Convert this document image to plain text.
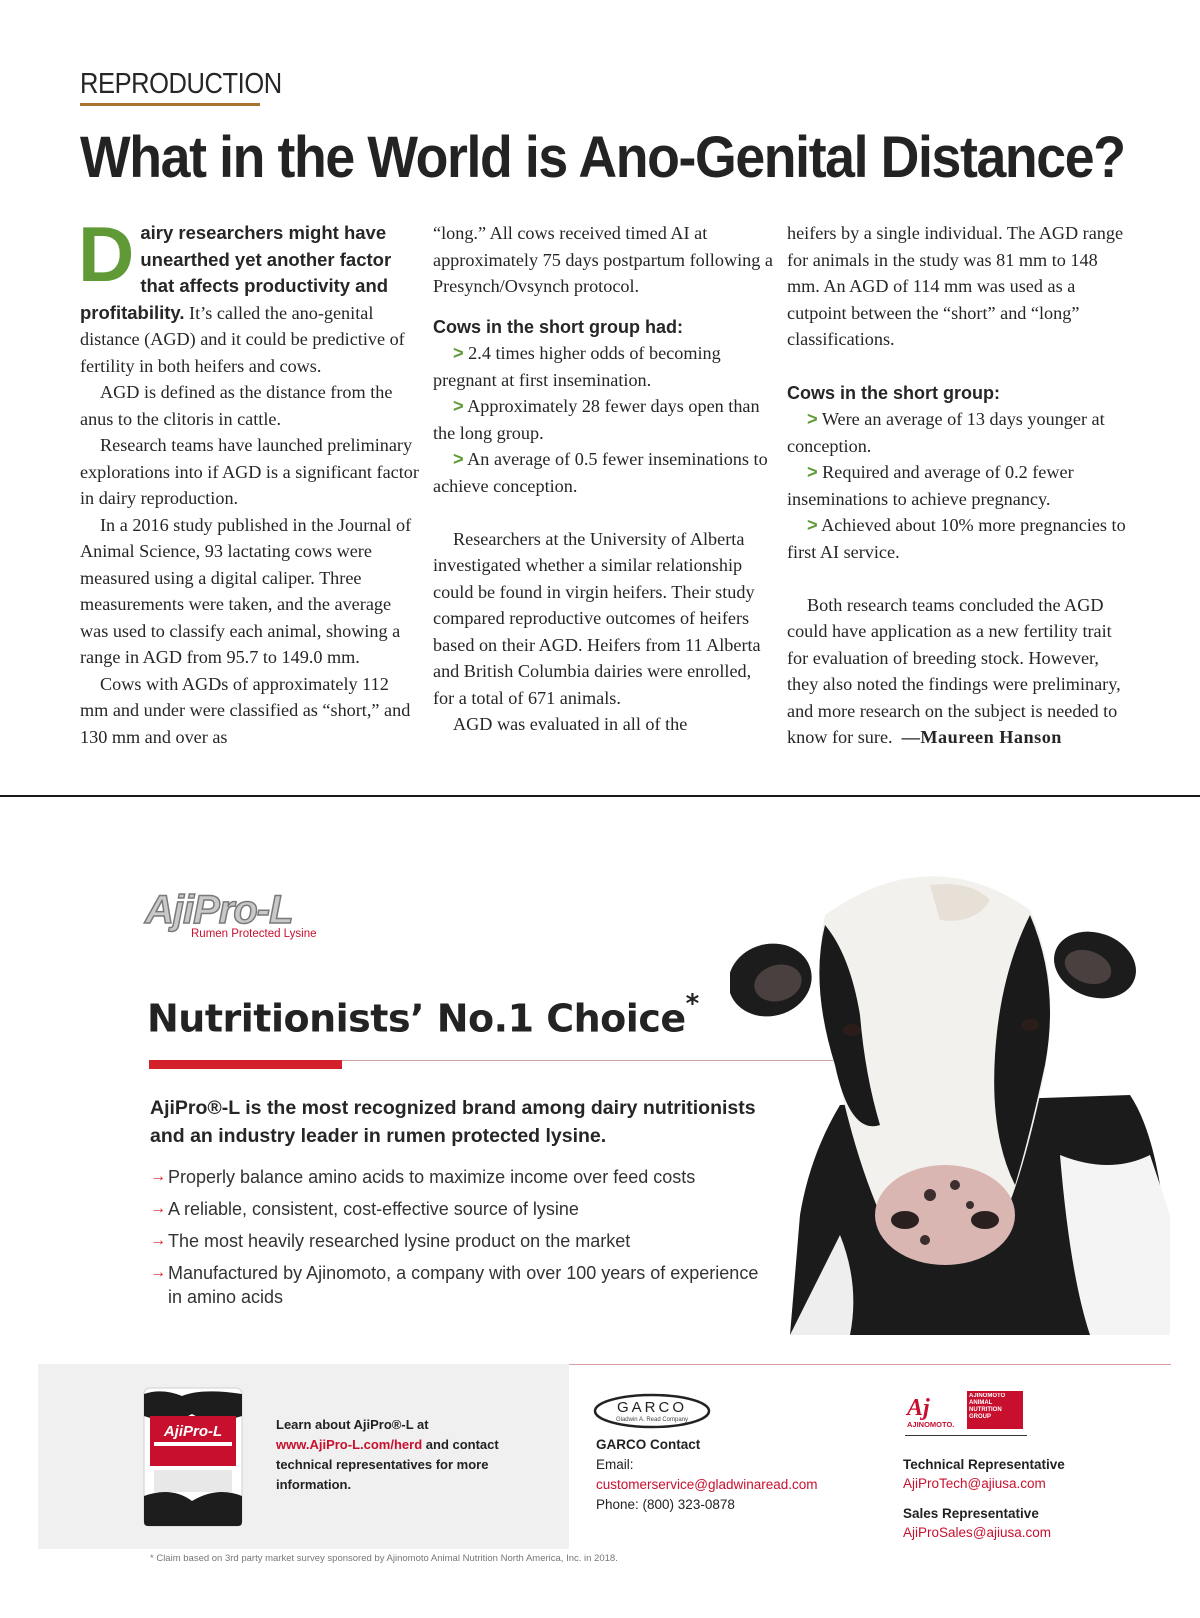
REPRODUCTION
What in the World is Ano-Genital Distance?

Dairy researchers might have unearthed yet another factor that affects productivity and profitability. It’s called the ano-genital distance (AGD) and it could be predictive of fertility in both heifers and cows.

AGD is defined as the distance from the anus to the clitoris in cattle.

Research teams have launched preliminary explorations into if AGD is a significant factor in dairy reproduction.

In a 2016 study published in the Journal of Animal Science, 93 lactating cows were measured using a digital caliper. Three measurements were taken, and the average was used to classify each animal, showing a range in AGD from 95.7 to 149.0 mm.

Cows with AGDs of approximately 112 mm and under were classified as “short,” and 130 mm and over as

“long.” All cows received timed AI at approximately 75 days postpartum following a Presynch/Ovsynch protocol.

Cows in the short group had:

> 2.4 times higher odds of becoming pregnant at first insemination.

> Approximately 28 fewer days open than the long group.

> An average of 0.5 fewer inseminations to achieve conception.

Researchers at the University of Alberta investigated whether a similar relationship could be found in virgin heifers. Their study compared reproductive outcomes of heifers based on their AGD. Heifers from 11 Alberta and British Columbia dairies were enrolled, for a total of 671 animals.

AGD was evaluated in all of the

heifers by a single individual. The AGD range for animals in the study was 81 mm to 148 mm. An AGD of 114 mm was used as a cutpoint between the “short” and “long” classifications.

Cows in the short group:

> Were an average of 13 days younger at conception.

> Required and average of 0.2 fewer inseminations to achieve pregnancy.

> Achieved about 10% more pregnancies to first AI service.

Both research teams concluded the AGD could have application as a new fertility trait for evaluation of breeding stock. However, they also noted the findings were preliminary, and more research on the subject is needed to know for sure. —Maureen Hanson

AjiPro-L
Rumen Protected Lysine
Nutritionists’ No.1 Choice*
AjiPro®-L is the most recognized brand among dairy nutritionists and an industry leader in rumen protected lysine.
→ Properly balance amino acids to maximize income over feed costs
→ A reliable, consistent, cost-effective source of lysine
→ The most heavily researched lysine product on the market
→ Manufactured by Ajinomoto, a company with over 100 years of experience in amino acids
AjiPro-L	Learn about AjiPro®-L at
www.AjiPro-L.com/herd and contact technical representatives for more information.
GARCO
Gladwin A. Read Company
GARCO Contact
Email:
customerservice@gladwinaread.com
Phone: (800) 323-0878
Aj
AJINOMOTO.
AJINOMOTO ANIMAL NUTRITION GROUP
Technical Representative
AjiProTech@ajiusa.com
Sales Representative
AjiProSales@ajiusa.com
* Claim based on 3rd party market survey sponsored by Ajinomoto Animal Nutrition North America, Inc. in 2018.
